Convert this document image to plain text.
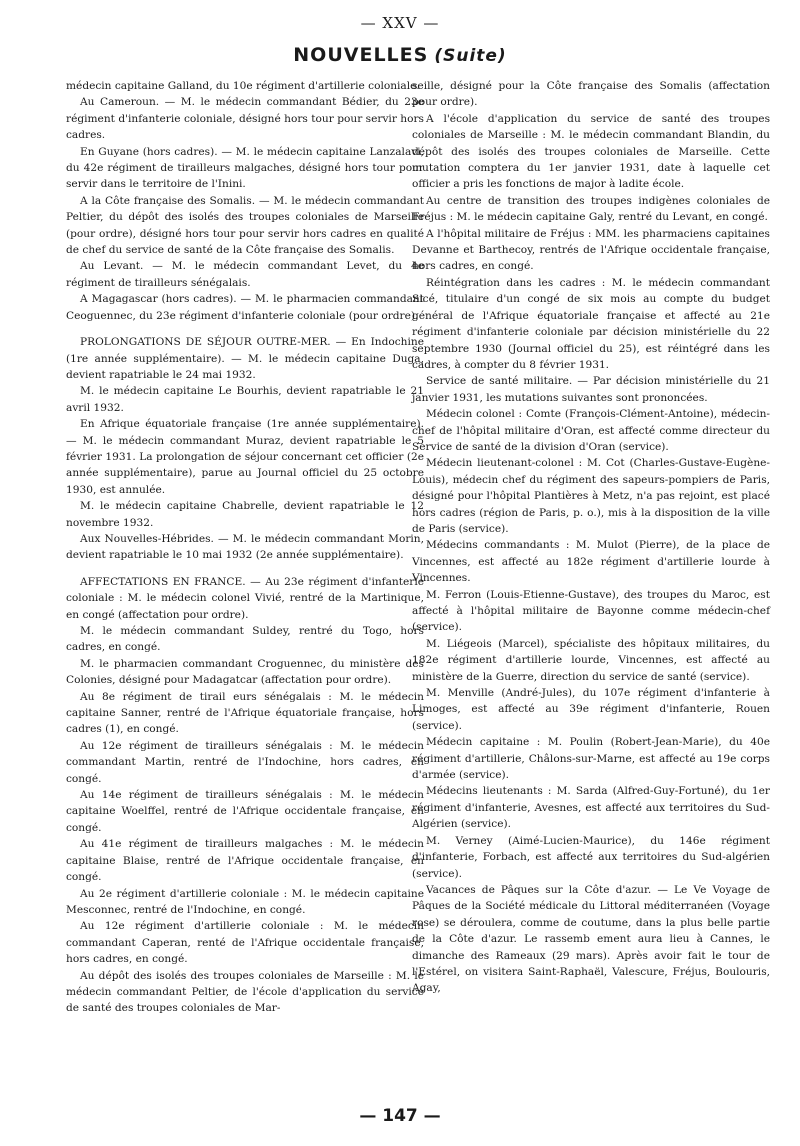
— XXV —
NOUVELLES (Suite)

médecin capitaine Galland, du 10e régiment d'artillerie coloniale.

Au Cameroun. — M. le médecin commandant Bédier, du 23e régiment d'infanterie coloniale, désigné hors tour pour servir hors cadres.

En Guyane (hors cadres). — M. le médecin capitaine Lanzalavi, du 42e régiment de tirailleurs malgaches, désigné hors tour pour servir dans le territoire de l'Inini.

A la Côte française des Somalis. — M. le médecin commandant Peltier, du dépôt des isolés des troupes coloniales de Marseille (pour ordre), désigné hors tour pour servir hors cadres en qualité de chef du service de santé de la Côte française des Somalis.

Au Levant. — M. le médecin commandant Levet, du 4e régiment de tirailleurs sénégalais.

A Magagascar (hors cadres). — M. le pharmacien commandant Ceoguennec, du 23e régiment d'infanterie coloniale (pour ordre).

PROLONGATIONS DE SÉJOUR OUTRE-MER. — En Indochine (1re année supplémentaire). — M. le médecin capitaine Duga, devient rapatriable le 24 mai 1932.

M. le médecin capitaine Le Bourhis, devient rapatriable le 21 avril 1932.

En Afrique équatoriale française (1re année supplémentaire). — M. le médecin commandant Muraz, devient rapatriable le 5 février 1931. La prolongation de séjour concernant cet officier (2e année supplémentaire), parue au Journal officiel du 25 octobre 1930, est annulée.

M. le médecin capitaine Chabrelle, devient rapatriable le 12 novembre 1932.

Aux Nouvelles-Hébrides. — M. le médecin commandant Morin, devient rapatriable le 10 mai 1932 (2e année supplémentaire).

AFFECTATIONS EN FRANCE. — Au 23e régiment d'infanterie coloniale : M. le médecin colonel Vivié, rentré de la Martinique, en congé (affectation pour ordre).

M. le médecin commandant Suldey, rentré du Togo, hors cadres, en congé.

M. le pharmacien commandant Croguennec, du ministère des Colonies, désigné pour Madagatcar (affectation pour ordre).

Au 8e régiment de tirail eurs sénégalais : M. le médecin capitaine Sanner, rentré de l'Afrique équatoriale française, hors cadres (1), en congé.

Au 12e régiment de tirailleurs sénégalais : M. le médecin commandant Martin, rentré de l'Indochine, hors cadres, en congé.

Au 14e régiment de tirailleurs sénégalais : M. le médecin capitaine Woelffel, rentré de l'Afrique occidentale française, en congé.

Au 41e régiment de tirailleurs malgaches : M. le médecin capitaine Blaise, rentré de l'Afrique occidentale française, en congé.

Au 2e régiment d'artillerie coloniale : M. le médecin capitaine Mesconnec, rentré de l'Indochine, en congé.

Au 12e régiment d'artillerie coloniale : M. le médecin commandant Caperan, renté de l'Afrique occidentale française, hors cadres, en congé.

Au dépôt des isolés des troupes coloniales de Marseille : M. le médecin commandant Peltier, de l'école d'application du service de santé des troupes coloniales de Mar-

seille, désigné pour la Côte française des Somalis (affectation pour ordre).

A l'école d'application du service de santé des troupes coloniales de Marseille : M. le médecin commandant Blandin, du dépôt des isolés des troupes coloniales de Marseille. Cette mutation comptera du 1er janvier 1931, date à laquelle cet officier a pris les fonctions de major à ladite école.

Au centre de transition des troupes indigènes coloniales de Fréjus : M. le médecin capitaine Galy, rentré du Levant, en congé.

A l'hôpital militaire de Fréjus : MM. les pharmaciens capitaines Devanne et Barthecoy, rentrés de l'Afrique occidentale française, hors cadres, en congé.

Réintégration dans les cadres : M. le médecin commandant Sicé, titulaire d'un congé de six mois au compte du budget général de l'Afrique équatoriale française et affecté au 21e régiment d'infanterie coloniale par décision ministérielle du 22 septembre 1930 (Journal officiel du 25), est réintégré dans les cadres, à compter du 8 février 1931.

Service de santé militaire. — Par décision ministérielle du 21 janvier 1931, les mutations suivantes sont prononcées.

Médecin colonel : Comte (François-Clément-Antoine), médecin-chef de l'hôpital militaire d'Oran, est affecté comme directeur du Service de santé de la division d'Oran (service).

Médecin lieutenant-colonel : M. Cot (Charles-Gustave-Eugène-Louis), médecin chef du régiment des sapeurs-pompiers de Paris, désigné pour l'hôpital Plantières à Metz, n'a pas rejoint, est placé hors cadres (région de Paris, p. o.), mis à la disposition de la ville de Paris (service).

Médecins commandants : M. Mulot (Pierre), de la place de Vincennes, est affecté au 182e régiment d'artillerie lourde à Vincennes.

M. Ferron (Louis-Etienne-Gustave), des troupes du Maroc, est affecté à l'hôpital militaire de Bayonne comme médecin-chef (service).

M. Liégeois (Marcel), spécialiste des hôpitaux militaires, du 182e régiment d'artillerie lourde, Vincennes, est affecté au ministère de la Guerre, direction du service de santé (service).

M. Menville (André-Jules), du 107e régiment d'infanterie à Limoges, est affecté au 39e régiment d'infanterie, Rouen (service).

Médecin capitaine : M. Poulin (Robert-Jean-Marie), du 40e régiment d'artillerie, Châlons-sur-Marne, est affecté au 19e corps d'armée (service).

Médecins lieutenants : M. Sarda (Alfred-Guy-Fortuné), du 1er régiment d'infanterie, Avesnes, est affecté aux territoires du Sud-Algérien (service).

M. Verney (Aimé-Lucien-Maurice), du 146e régiment d'infanterie, Forbach, est affecté aux territoires du Sud-algérien (service).

Vacances de Pâques sur la Côte d'azur. — Le Ve Voyage de Pâques de la Société médicale du Littoral méditerranéen (Voyage rose) se déroulera, comme de coutume, dans la plus belle partie de la Côte d'azur. Le rassemb ement aura lieu à Cannes, le dimanche des Rameaux (29 mars). Après avoir fait le tour de l'Estérel, on visitera Saint-Raphaël, Valescure, Fréjus, Boulouris, Agay,

— 147 —
